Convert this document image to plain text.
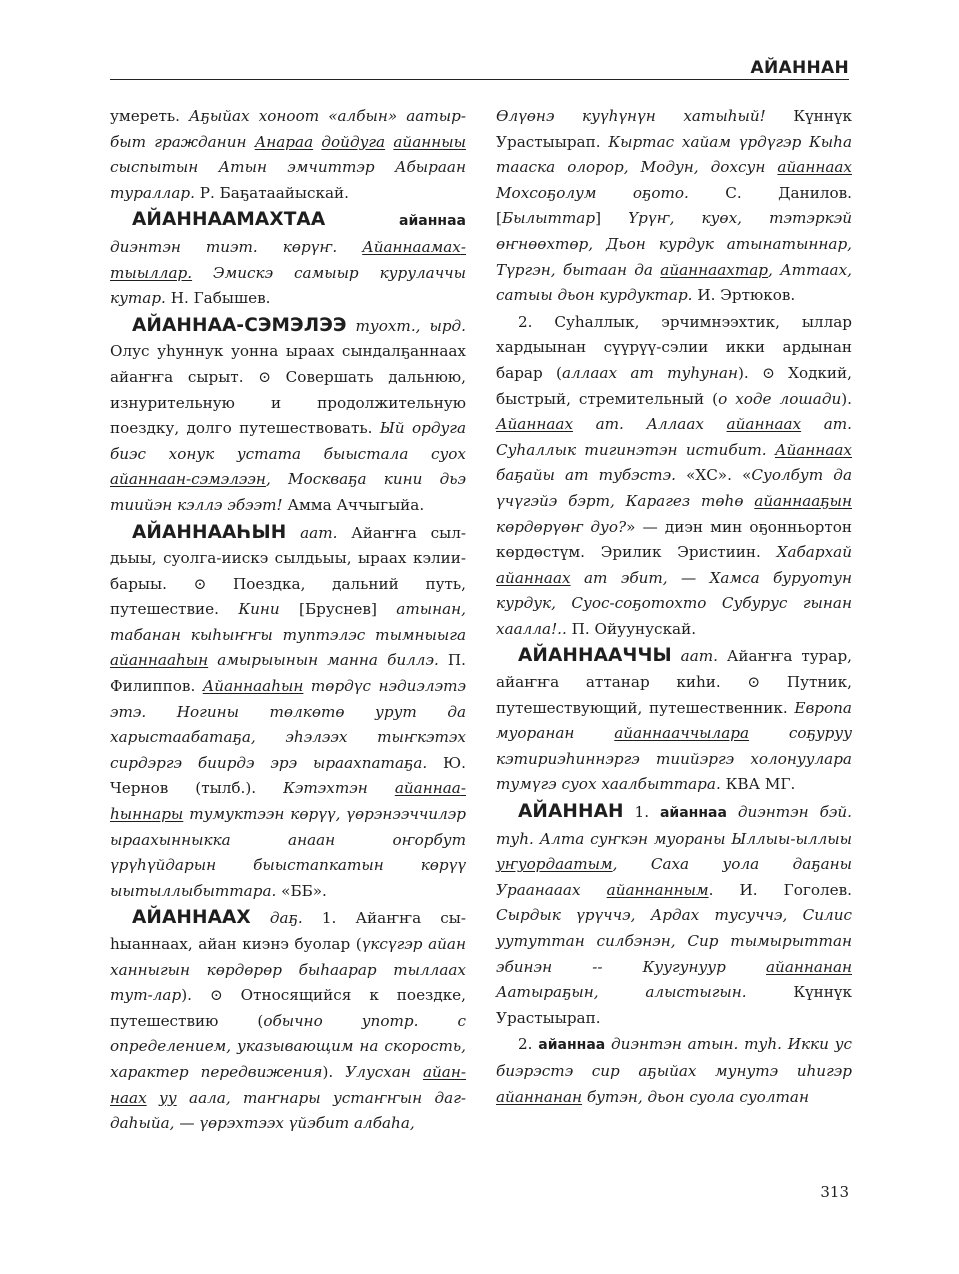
АЙАННАН

умереть. Аҕыйах хоноот «албын» аатырбыт гражданин Анараа дойдуга айанныы сыспытын Атын эмчиттэр Абыраан тураллар. Р. Баҕатаайыскай.

АЙАННААМАХТАА	айаннаа диэнтэн тиэт. көрүҥ. Айаннаамахтыыллар. Эмискэ самыыр курулаччы кутар. Н. Габышев.

АЙАННАА-СЭМЭЛЭЭ туохт., ырд. Олус уһуннук уонна ыраах сындалҕаннаах айаҥҥа сырыт. ⊙ Совершать дальнюю, изнурительную и продолжительную поездку, долго путешествовать. Ый ордуга биэс хонук устата быыстала суох айаннаан-сэмэлээн, Москваҕа кини дьэ тиийэн кэллэ эбээт! Амма Аччыгыйа.

АЙАННААҺЫН аат. Айаҥҥа сылдьыы, суолга-иискэ сылдьыы, ыраах кэлии-барыы. ⊙ Поездка, дальний путь, путешествие. Кини [Бруснев] атынан, табанан кыһыҥҥы туптэлэс тымныыга айаннааһын амырыынын манна биллэ. П. Филиппов. Айаннааһын төрдүс нэдиэлэтэ этэ. Ногины төлкөтө урут да харыстаабатаҕа, эһэлээх тыҥкэтэх сирдэргэ биирдэ эрэ ыраахпатаҕа. Ю. Чернов (тылб.). Кэтэхтэн айаннааһыннары тумуктээн көрүү, үөрэнээччилэр ыраахынныкка анаан оҥорбут үрүһүйдарын быыстапкатын көрүү ыытыллыбыттара. «ББ».

АЙАННААХ даҕ. 1. Айаҥҥа сыһыаннаах, айан киэнэ буолар (үксүгэр айан ханныгын көрдөрөр быһаарар тыллаах тут-лар). ⊙ Относящийся к поездке, путешествию (обычно употр. с определением, указывающим на скорость, характер передвижения). Улусхан айаннаах уу аала, таҥнары устаҥҥын дагдаһыйа, — үөрэхтээх үйэбит албаһа,

Өлүөнэ куүһүнүн хатыһый! Күннүк Урастыырап. Кыртас хайам үрдүгэр Кыһа тааска олорор, Модун, дохсун айаннаах Мохсоҕолум оҕото. С. Данилов. [Былыттар] Үрүҥ, куөх, тэтэркэй өҥнөөхтөр, Дьон курдук атынатыннар, Түргэн, бытаан да айаннаахтар, Аттаах, сатыы дьон курдуктар. И. Эртюков.

2. Суһаллык, эрчимнээхтик, ыллар хардыынан сүүрүү-сэлии икки ардынан барар (аллаах ат туһунан). ⊙ Ходкий, быстрый, стремительный (о ходе лошади). Айаннаах ат. Аллаах айаннаах ат. Суһаллык тигинэтэн истибит. Айаннаах баҕайы ат тубэстэ. «ХС». «Суолбут да үчүгэйэ бэрт, Карагез төһө айаннааҕын көрдөрүөҥ дуо?» — диэн мин оҕонньортон көрдөстүм. Эрилик Эристиин. Хабархай айаннаах ат эбит, — Хамса буруотун курдук, Суос-соҕотохто Субурус гынан хаалла!.. П. Ойуунускай.

АЙАННААЧЧЫ аат. Айаҥҥа турар, айаҥҥа аттанар киһи. ⊙ Путник, путешествующий, путешественник. Европа муоранан айаннааччылара соҕуруу кэтириэһиннэргэ тиийэргэ холонуулара тумүгэ суох хаалбыттара. КВА МГ.

АЙАННАН 1. айаннаа диэнтэн бэй. туһ. Алта суҥкэн муораны Ыллыы-ыллыы уҥуордаатым, Саха уола даҕаны Ураанааах айаннанным. И. Гоголев. Сырдык үрүччэ, Ардах тусуччэ, Силис уутуттан силбэнэн, Сир тымырыттан эбинэн -- Куугунуур айаннанан Аатыраҕын, алыстыгын. Күннүк Урастыырап.

2. айаннаа диэнтэн атын. туһ. Икки ус биэрэстэ сир аҕыйах мунутэ иһигэр айаннанан бутэн, дьон суола суолтан

313
